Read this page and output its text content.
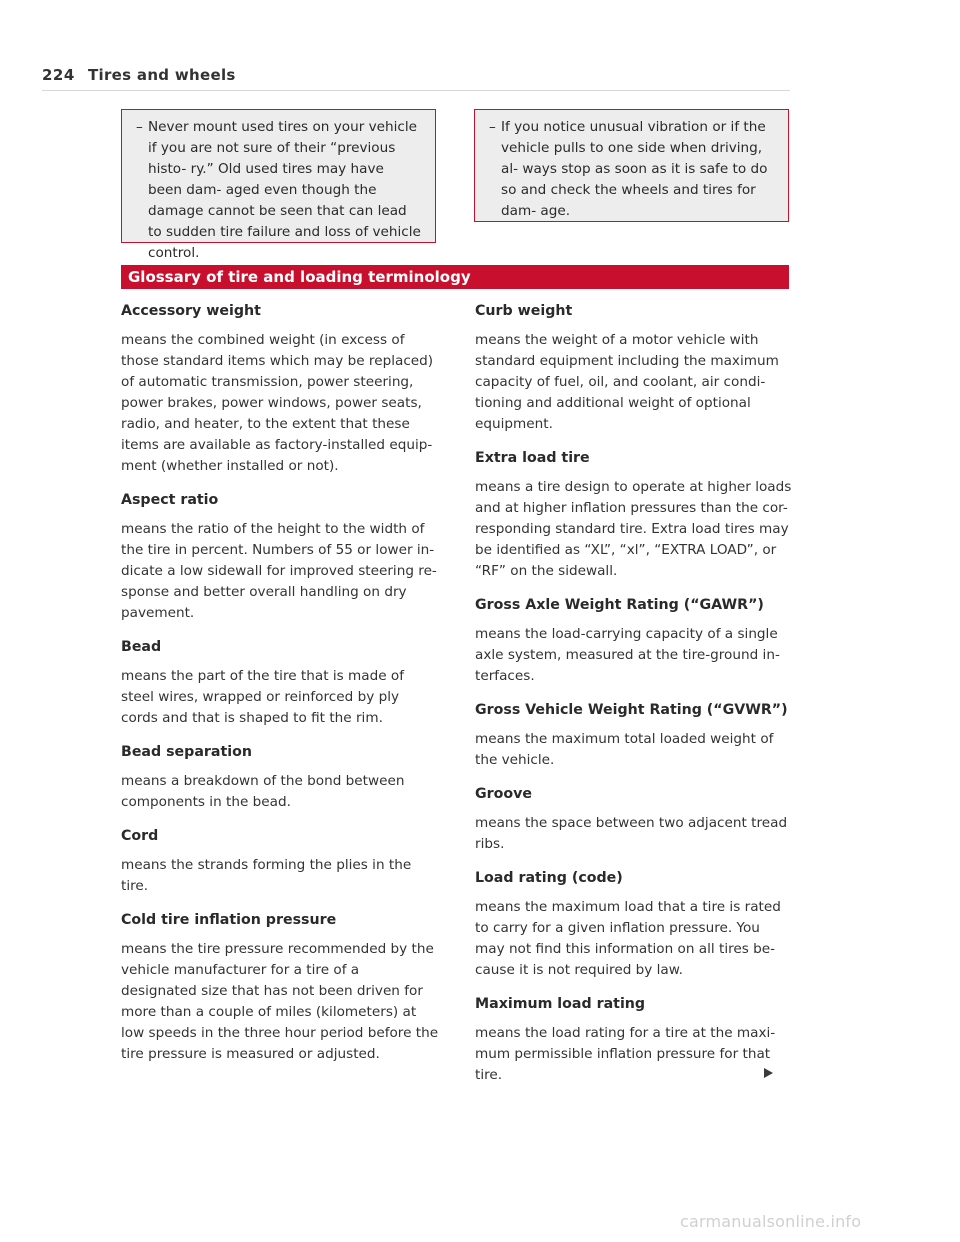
224 Tires and wheels
– Never mount used tires on your vehicle if you are not sure of their “previous histo- ry.” Old used tires may have been dam- aged even though the damage cannot be seen that can lead to sudden tire failure and loss of vehicle control.
– If you notice unusual vibration or if the vehicle pulls to one side when driving, al- ways stop as soon as it is safe to do so and check the wheels and tires for dam- age.
Glossary of tire and loading terminology
Accessory weight

means the combined weight (in excess of those standard items which may be replaced) of automatic transmission, power steering, power brakes, power windows, power seats, radio, and heater, to the extent that these items are available as factory-installed equip- ment (whether installed or not).

Aspect ratio

means the ratio of the height to the width of the tire in percent. Numbers of 55 or lower in- dicate a low sidewall for improved steering re- sponse and better overall handling on dry pavement.

Bead

means the part of the tire that is made of steel wires, wrapped or reinforced by ply cords and that is shaped to fit the rim.

Bead separation

means a breakdown of the bond between components in the bead.

Cord

means the strands forming the plies in the tire.

Cold tire inflation pressure

means the tire pressure recommended by the vehicle manufacturer for a tire of a designated size that has not been driven for more than a couple of miles (kilometers) at low speeds in the three hour period before the tire pressure is measured or adjusted.

Curb weight

means the weight of a motor vehicle with standard equipment including the maximum capacity of fuel, oil, and coolant, air condi- tioning and additional weight of optional equipment.

Extra load tire

means a tire design to operate at higher loads and at higher inflation pressures than the cor- responding standard tire. Extra load tires may be identified as “XL”, “xl”, “EXTRA LOAD”, or “RF” on the sidewall.

Gross Axle Weight Rating (“GAWR”)

means the load-carrying capacity of a single axle system, measured at the tire-ground in- terfaces.

Gross Vehicle Weight Rating (“GVWR”)

means the maximum total loaded weight of the vehicle.

Groove

means the space between two adjacent tread ribs.

Load rating (code)

means the maximum load that a tire is rated to carry for a given inflation pressure. You may not find this information on all tires be- cause it is not required by law.

Maximum load rating

means the load rating for a tire at the maxi- mum permissible inflation pressure for that tire.

carmanualsonline.info
